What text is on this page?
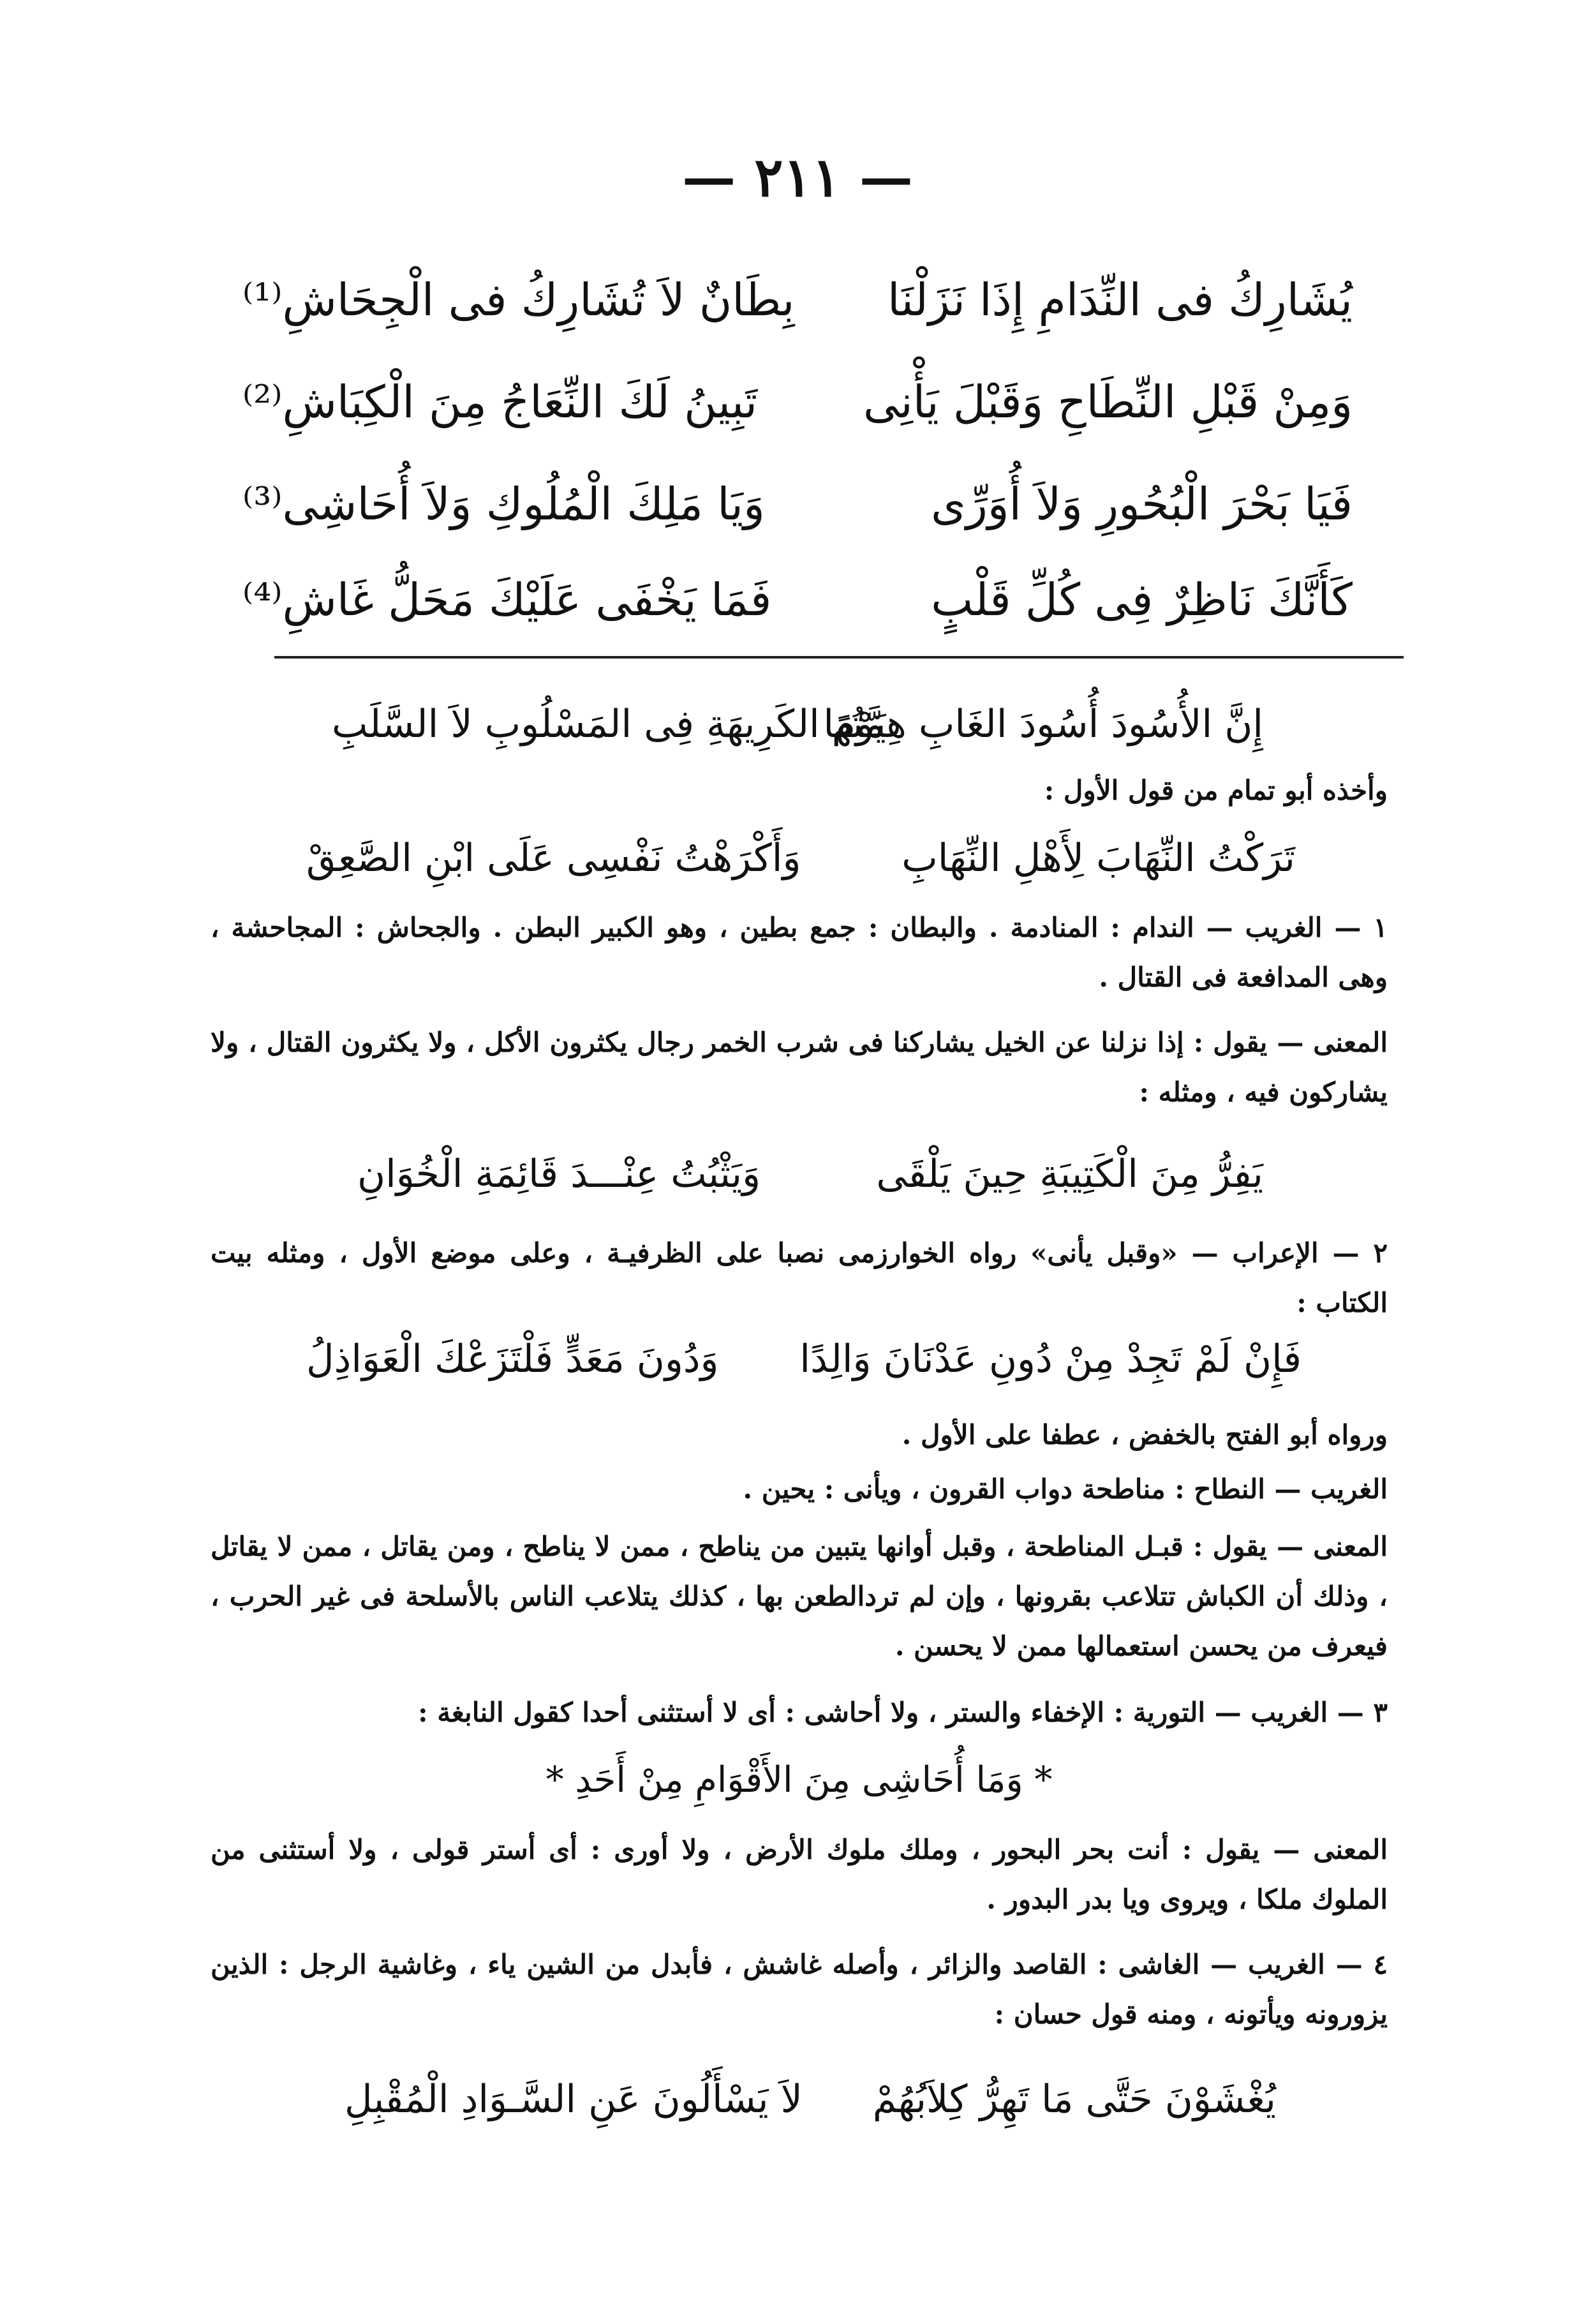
— ٢١١ —
يُشَارِكُ فى النِّدَامِ إِذَا نَزَلْنَا
بِطَانٌ لاَ تُشَارِكُ فى الْجِحَاشِ⁽¹⁾
وَمِنْ قَبْلِ النِّطَاحِ وَقَبْلَ يَأْنِى
تَبِينُ لَكَ النِّعَاجُ مِنَ الْكِبَاشِ⁽²⁾
فَيَا بَحْرَ الْبُحُورِ وَلاَ أُوَرِّى
وَيَا مَلِكَ الْمُلُوكِ وَلاَ أُحَاشِى⁽³⁾
كَأَنَّكَ نَاظِرٌ فِى كُلِّ قَلْبٍ
فَمَا يَخْفَى عَلَيْكَ مَحَلُّ غَاشِ⁽⁴⁾
إِنَّ الأُسُودَ أُسُودَ الغَابِ هِمَّتُهَا
يَوْمَ الكَرِيهَةِ فِى المَسْلُوبِ لاَ السَّلَبِ
وأخذه أبو تمام من قول الأول :
تَرَكْتُ النِّهَابَ لِأَهْلِ النِّهَابِ
وَأَكْرَهْتُ نَفْسِى عَلَى ابْنِ الصَّعِقْ
١ — الغريب — الندام : المنادمة . والبطان : جمع بطين ، وهو الكبير البطن . والجحاش : المجاحشة ، وهى المدافعة فى القتال .
المعنى — يقول : إذا نزلنا عن الخيل يشاركنا فى شرب الخمر رجال يكثرون الأكل ، ولا يكثرون القتال ، ولا يشاركون فيه ، ومثله :
يَفِرُّ مِنَ الْكَتِيبَةِ حِينَ يَلْقَى
وَيَثْبُتُ عِنْـــدَ قَائِمَةِ الْخُوَانِ
٢ — الإعراب — «وقبل يأنى» رواه الخوارزمى نصبا على الظرفيـة ، وعلى موضع الأول ، ومثله بيت الكتاب :
فَإِنْ لَمْ تَجِدْ مِنْ دُونِ عَدْنَانَ وَالِدًا
وَدُونَ مَعَدٍّ فَلْتَزَعْكَ الْعَوَاذِلُ
ورواه أبو الفتح بالخفض ، عطفا على الأول .
الغريب — النطاح : مناطحة دواب القرون ، ويأنى : يحين .
المعنى — يقول : قبـل المناطحة ، وقبل أوانها يتبين من يناطح ، ممن لا يناطح ، ومن يقاتل ، ممن لا يقاتل ، وذلك أن الكباش تتلاعب بقرونها ، وإن لم تردالطعن بها ، كذلك يتلاعب الناس بالأسلحة فى غير الحرب ، فيعرف من يحسن استعمالها ممن لا يحسن .
٣ — الغريب — التورية : الإخفاء والستر ، ولا أحاشى : أى لا أستثنى أحدا كقول النابغة :
* وَمَا أُحَاشِى مِنَ الأَقْوَامِ مِنْ أَحَدِ *
المعنى — يقول : أنت بحر البحور ، وملك ملوك الأرض ، ولا أورى : أى أستر قولى ، ولا أستثنى من الملوك ملكا ، ويروى ويا بدر البدور .
٤ — الغريب — الغاشى : القاصد والزائر ، وأصله غاشش ، فأبدل من الشين ياء ، وغاشية الرجل : الذين يزورونه ويأتونه ، ومنه قول حسان :
يُغْشَوْنَ حَتَّى مَا تَهِرُّ كِلاَبُهُمْ
لاَ يَسْأَلُونَ عَنِ السَّـوَادِ الْمُقْبِلِ
